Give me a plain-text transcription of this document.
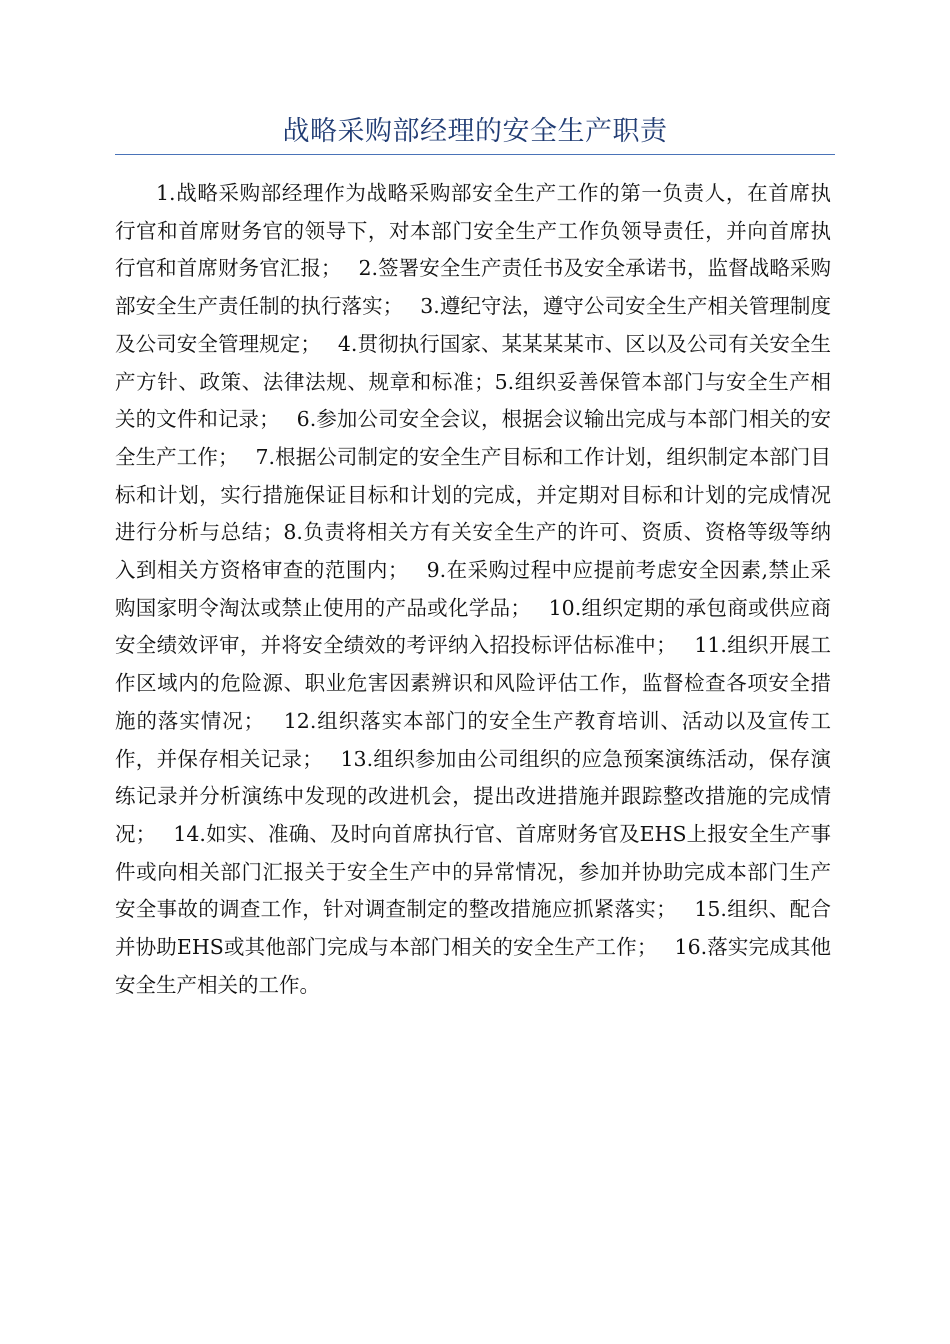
战略采购部经理的安全生产职责

1.战略采购部经理作为战略采购部安全生产工作的第一负责人，在首席执行官和首席财务官的领导下，对本部门安全生产工作负领导责任，并向首席执行官和首席财务官汇报；　 2.签署安全生产责任书及安全承诺书，监督战略采购部安全生产责任制的执行落实；　 3.遵纪守法，遵守公司安全生产相关管理制度及公司安全管理规定；　 4.贯彻执行国家、某某某某市、区以及公司有关安全生产方针、政策、法律法规、规章和标准；5.组织妥善保管本部门与安全生产相关的文件和记录；　 6.参加公司安全会议，根据会议输出完成与本部门相关的安全生产工作；　 7.根据公司制定的安全生产目标和工作计划，组织制定本部门目标和计划，实行措施保证目标和计划的完成，并定期对目标和计划的完成情况进行分析与总结；8.负责将相关方有关安全生产的许可、资质、资格等级等纳入到相关方资格审查的范围内；　 9.在采购过程中应提前考虑安全因素,禁止采购国家明令淘汰或禁止使用的产品或化学品；　 10.组织定期的承包商或供应商安全绩效评审，并将安全绩效的考评纳入招投标评估标准中；　 11.组织开展工作区域内的危险源、职业危害因素辨识和风险评估工作，监督检查各项安全措施的落实情况；　 12.组织落实本部门的安全生产教育培训、活动以及宣传工作，并保存相关记录；　 13.组织参加由公司组织的应急预案演练活动，保存演练记录并分析演练中发现的改进机会，提出改进措施并跟踪整改措施的完成情况；　 14.如实、准确、及时向首席执行官、首席财务官及EHS上报安全生产事件或向相关部门汇报关于安全生产中的异常情况，参加并协助完成本部门生产安全事故的调查工作，针对调查制定的整改措施应抓紧落实；　 15.组织、配合并协助EHS或其他部门完成与本部门相关的安全生产工作；　 16.落实完成其他安全生产相关的工作。
